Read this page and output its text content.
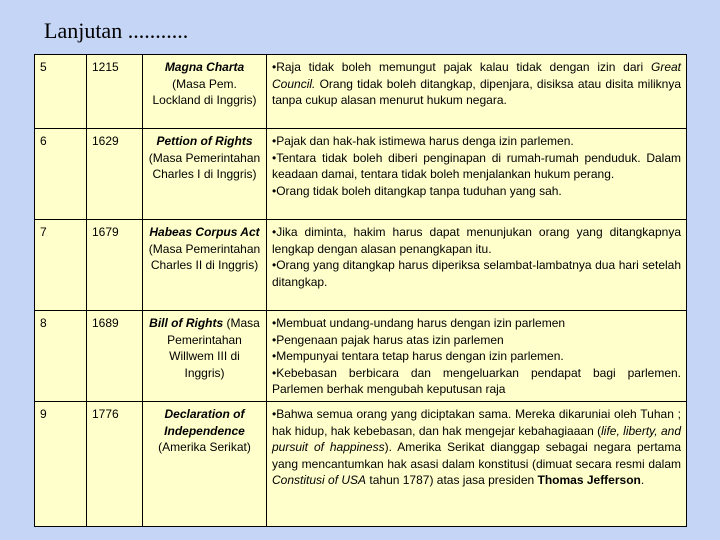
Lanjutan ...........
5	1215	Magna Charta (Masa Pem. Lockland di Inggris)	•Raja tidak boleh memungut pajak kalau tidak dengan izin dari Great Council. Orang tidak boleh ditangkap, dipenjara, disiksa atau disita miliknya tanpa cukup alasan menurut hukum negara.

6	1629	Pettion of Rights (Masa Pemerintahan Charles I di Inggris)	•Pajak dan hak-hak istimewa harus denga izin parlemen.
•Tentara tidak boleh diberi penginapan di rumah-rumah penduduk. Dalam keadaan damai, tentara tidak boleh menjalankan hukum perang.
•Orang tidak boleh ditangkap tanpa tuduhan yang sah.

7	1679	Habeas Corpus Act (Masa Pemerintahan Charles II di Inggris)	•Jika diminta, hakim harus dapat menunjukan orang yang ditangkapnya lengkap dengan alasan penangkapan itu.
•Orang yang ditangkap harus diperiksa selambat-lambatnya dua hari setelah ditangkap.

8	1689	Bill of Rights (Masa Pemerintahan Willwem III di Inggris)	•Membuat undang-undang harus dengan izin parlemen
•Pengenaan pajak harus atas izin parlemen
•Mempunyai tentara tetap harus dengan izin parlemen.
•Kebebasan berbicara dan mengeluarkan pendapat bagi parlemen. Parlemen berhak mengubah keputusan raja

9	1776	Declaration of Independence (Amerika Serikat)	•Bahwa semua orang yang diciptakan sama. Mereka dikaruniai oleh Tuhan ; hak hidup, hak kebebasan, dan hak mengejar kebahagiaaan (life, liberty, and pursuit of happiness). Amerika Serikat dianggap sebagai negara pertama yang mencantumkan hak asasi dalam konstitusi (dimuat secara resmi dalam Constitusi of USA tahun 1787) atas jasa presiden Thomas Jefferson.
